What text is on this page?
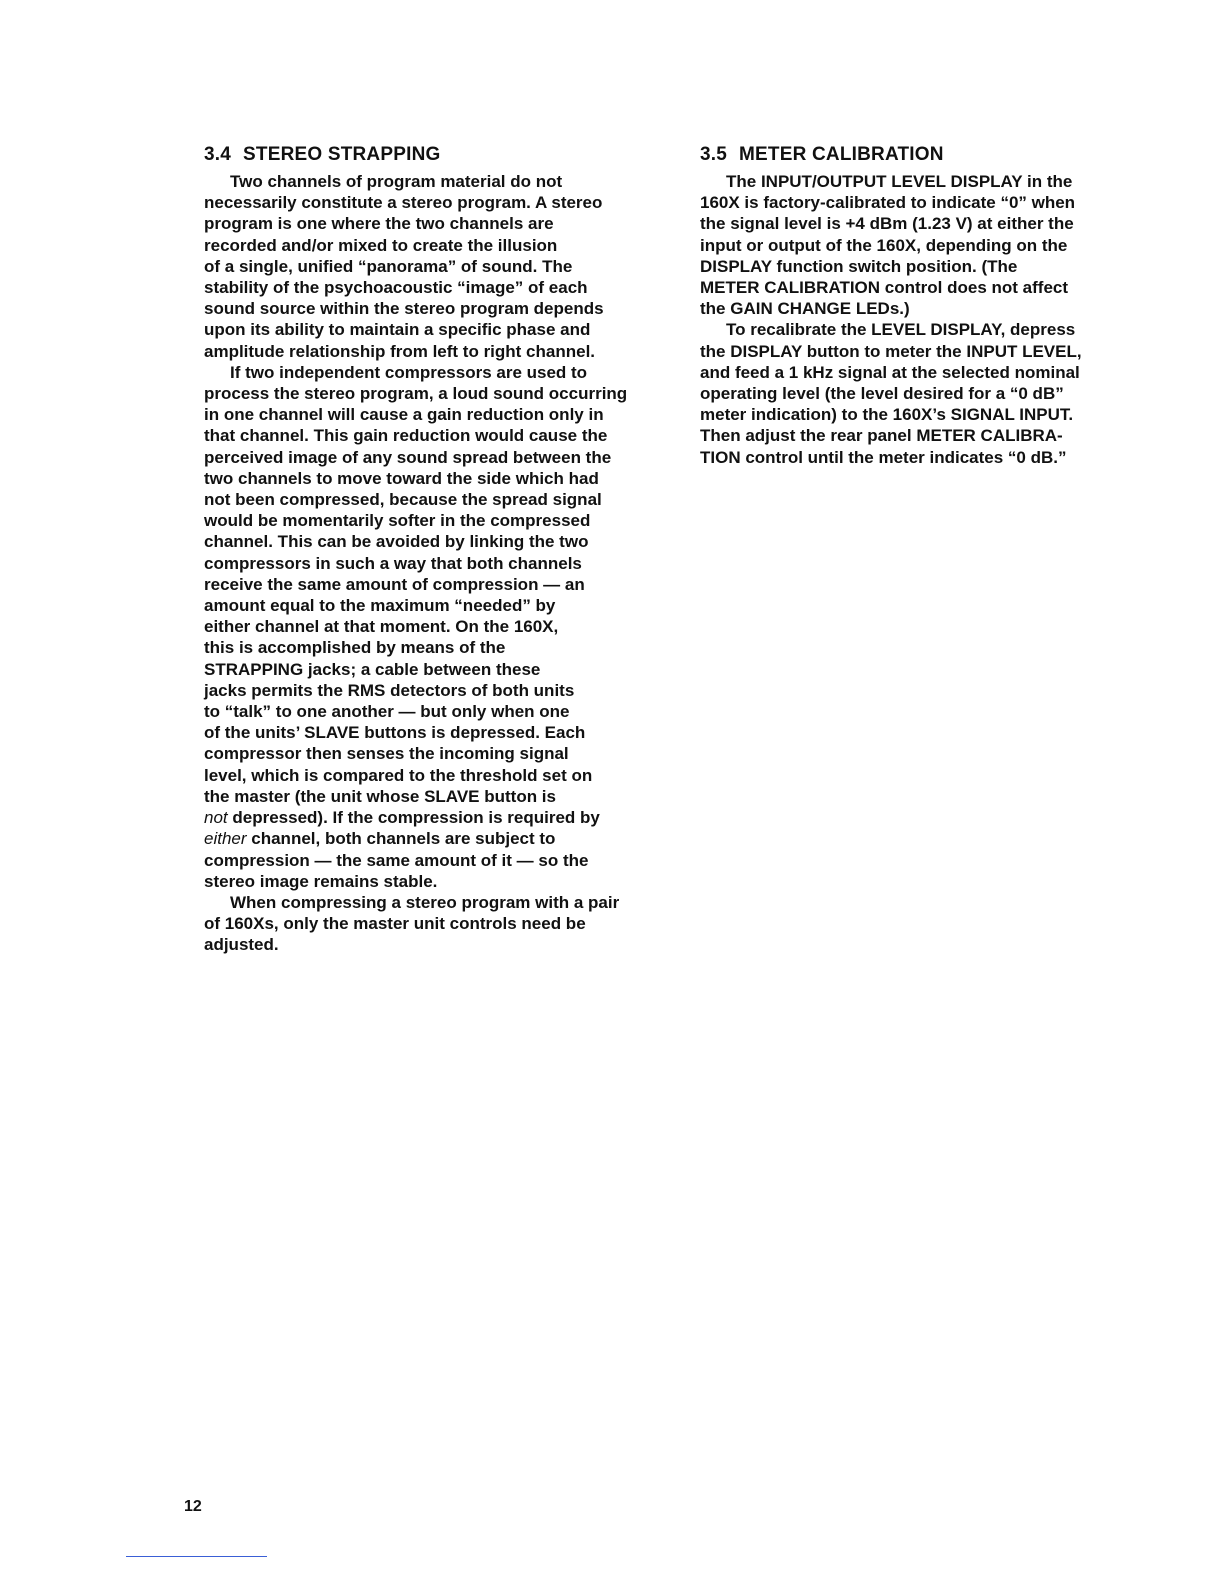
3.4 STEREO STRAPPING
Two channels of program material do not
necessarily constitute a stereo program. A stereo
program is one where the two channels are
recorded and/or mixed to create the illusion
of a single, unified “panorama” of sound. The
stability of the psychoacoustic “image” of each
sound source within the stereo program depends
upon its ability to maintain a specific phase and
amplitude relationship from left to right channel.
If two independent compressors are used to
process the stereo program, a loud sound occurring
in one channel will cause a gain reduction only in
that channel. This gain reduction would cause the
perceived image of any sound spread between the
two channels to move toward the side which had
not been compressed, because the spread signal
would be momentarily softer in the compressed
channel. This can be avoided by linking the two
compressors in such a way that both channels
receive the same amount of compression — an
amount equal to the maximum “needed” by
either channel at that moment. On the 160X,
this is accomplished by means of the
STRAPPING jacks; a cable between these
jacks permits the RMS detectors of both units
to “talk” to one another — but only when one
of the units’ SLAVE buttons is depressed. Each
compressor then senses the incoming signal
level, which is compared to the threshold set on
the master (the unit whose SLAVE button is
not depressed). If the compression is required by
either channel, both channels are subject to
compression — the same amount of it — so the
stereo image remains stable.
When compressing a stereo program with a pair
of 160Xs, only the master unit controls need be
adjusted.
3.5 METER CALIBRATION
The INPUT/OUTPUT LEVEL DISPLAY in the
160X is factory-calibrated to indicate “0” when
the signal level is +4 dBm (1.23 V) at either the
input or output of the 160X, depending on the
DISPLAY function switch position. (The
METER CALIBRATION control does not affect
the GAIN CHANGE LEDs.)
To recalibrate the LEVEL DISPLAY, depress
the DISPLAY button to meter the INPUT LEVEL,
and feed a 1 kHz signal at the selected nominal
operating level (the level desired for a “0 dB”
meter indication) to the 160X’s SIGNAL INPUT.
Then adjust the rear panel METER CALIBRA-
TION control until the meter indicates “0 dB.”
12
